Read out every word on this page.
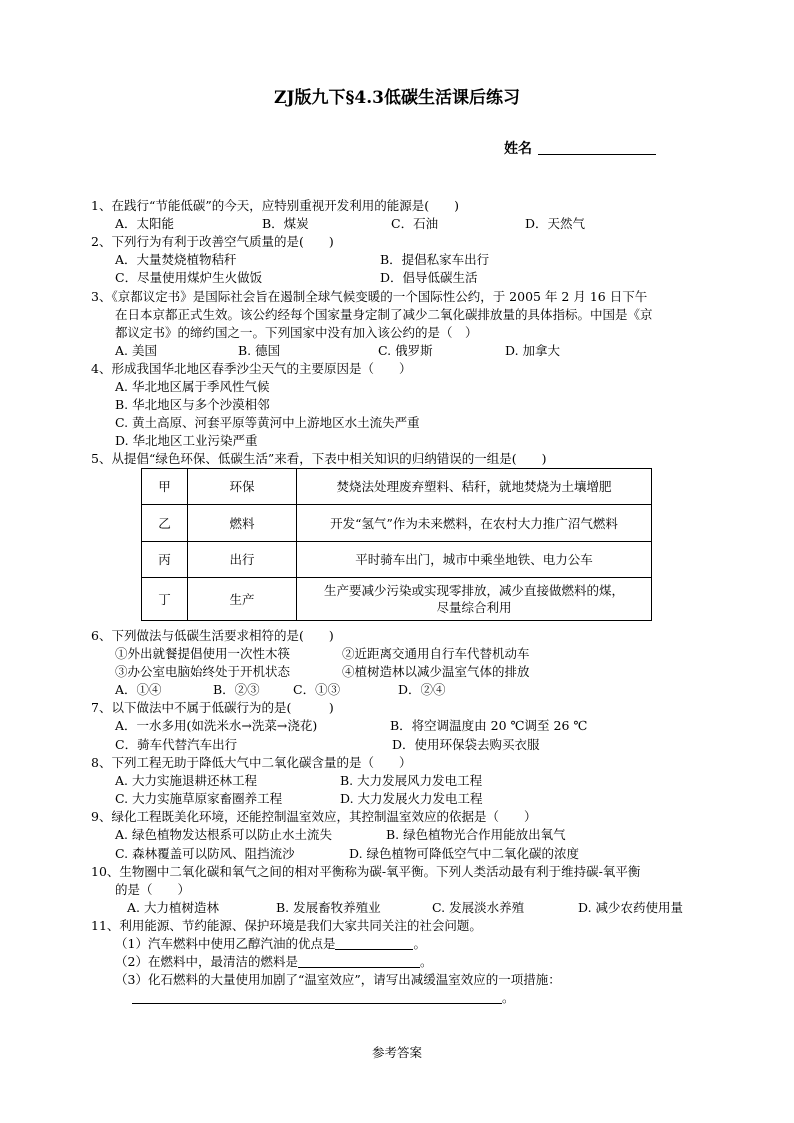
ZJ版九下§4.3低碳生活课后练习
姓名
1、在践行“节能低碳”的今天，应特别重视开发利用的能源是(　　)
A．太阳能	B．煤炭	C．石油	D．天然气
2、下列行为有利于改善空气质量的是(　　)
A．大量焚烧植物秸秆	B．提倡私家车出行
C．尽量使用煤炉生火做饭	D．倡导低碳生活
3、《京都议定书》是国际社会旨在遏制全球气候变暖的一个国际性公约，于 2005 年 2 月 16 日下午
在日本京都正式生效。该公约经每个国家量身定制了减少二氧化碳排放量的具体指标。中国是《京
都议定书》的缔约国之一。下列国家中没有加入该公约的是（　）
A. 美国	B. 德国	C. 俄罗斯	D. 加拿大
4、形成我国华北地区春季沙尘天气的主要原因是（　　）
A. 华北地区属于季风性气候
B. 华北地区与多个沙漠相邻
C. 黄土高原、河套平原等黄河中上游地区水土流失严重
D. 华北地区工业污染严重
5、从提倡“绿色环保、低碳生活”来看，下表中相关知识的归纳错误的一组是(　　)
甲	环保	焚烧法处理废弃塑料、秸秆，就地焚烧为土壤增肥
乙	燃料	开发“氢气”作为未来燃料，在农村大力推广沼气燃料
丙	出行	平时骑车出门，城市中乘坐地铁、电力公车
丁	生产	生产要减少污染或实现零排放，减少直接做燃料的煤，
尽量综合利用
6、下列做法与低碳生活要求相符的是(　　)
①外出就餐提倡使用一次性木筷	②近距离交通用自行车代替机动车
③办公室电脑始终处于开机状态	④植树造林以减少温室气体的排放
A．①④	B．②③	C．①③	D．②④
7、以下做法中不属于低碳行为的是(　　　)
A．一水多用(如洗米水→洗菜→浇花)	B．将空调温度由 20 ℃调至 26 ℃
C．骑车代替汽车出行	D．使用环保袋去购买衣服
8、下列工程无助于降低大气中二氧化碳含量的是（　　）
A. 大力实施退耕还林工程	B. 大力发展风力发电工程
C. 大力实施草原家畜圈养工程	D. 大力发展火力发电工程
9、绿化工程既美化环境，还能控制温室效应，其控制温室效应的依据是（　　）
A. 绿色植物发达根系可以防止水土流失	B. 绿色植物光合作用能放出氧气
C. 森林覆盖可以防风、阻挡流沙	D. 绿色植物可降低空气中二氧化碳的浓度
10、生物圈中二氧化碳和氧气之间的相对平衡称为碳-氧平衡。下列人类活动最有利于维持碳-氧平衡
的是（　　）
A. 大力植树造林	B. 发展畜牧养殖业	C. 发展淡水养殖	D. 减少农药使用量
11、利用能源、节约能源、保护环境是我们大家共同关注的社会问题。
（1）汽车燃料中使用乙醇汽油的优点是	。
（2）在燃料中，最清洁的燃料是	。
（3）化石燃料的大量使用加剧了“温室效应”，请写出减缓温室效应的一项措施：
。
参考答案
